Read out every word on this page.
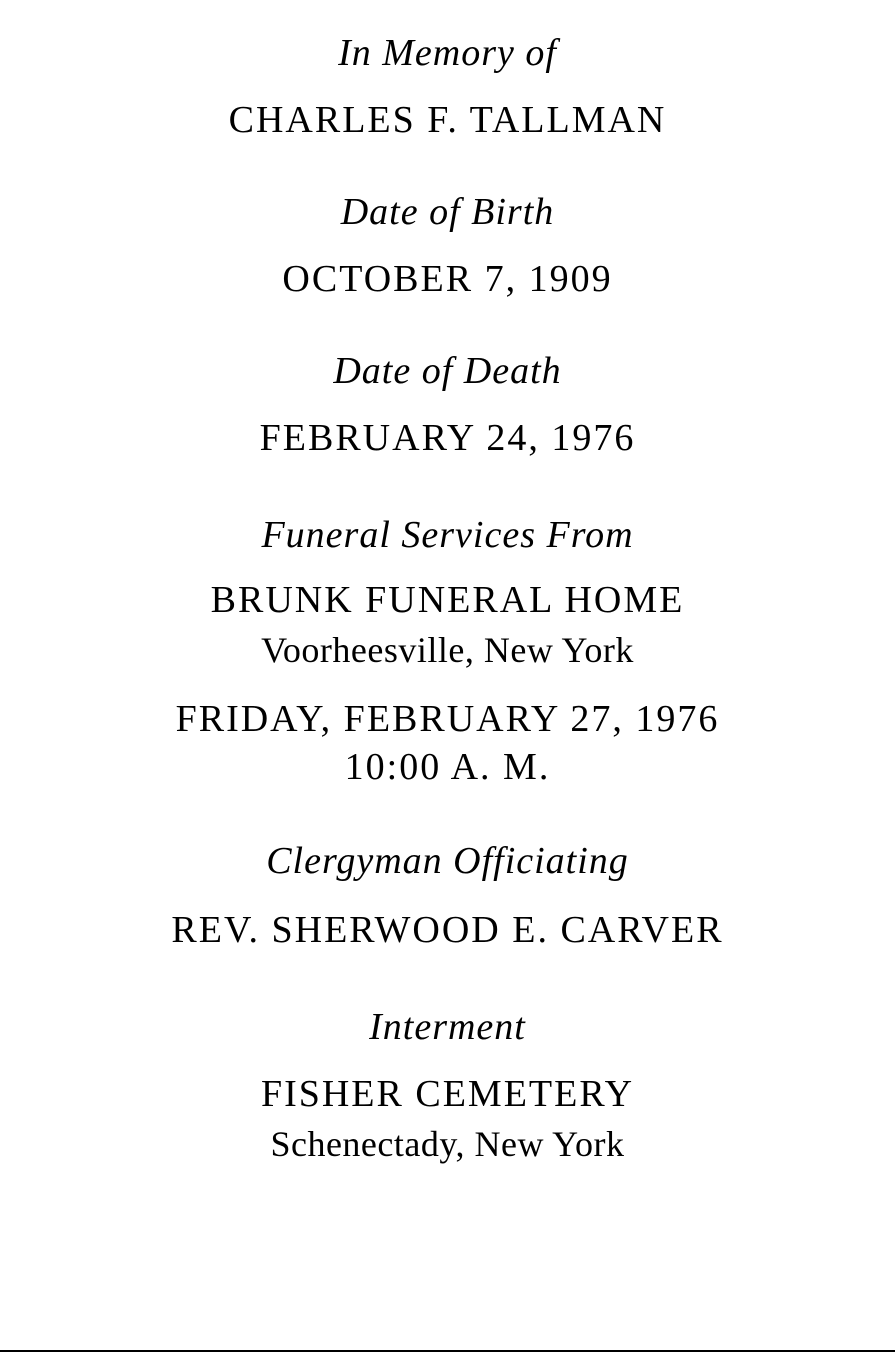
In Memory of
CHARLES F. TALLMAN
Date of Birth
OCTOBER 7, 1909
Date of Death
FEBRUARY 24, 1976
Funeral Services From
BRUNK FUNERAL HOME
Voorheesville, New York
FRIDAY, FEBRUARY 27, 1976
10:00 A. M.
Clergyman Officiating
REV. SHERWOOD E. CARVER
Interment
FISHER CEMETERY
Schenectady, New York
